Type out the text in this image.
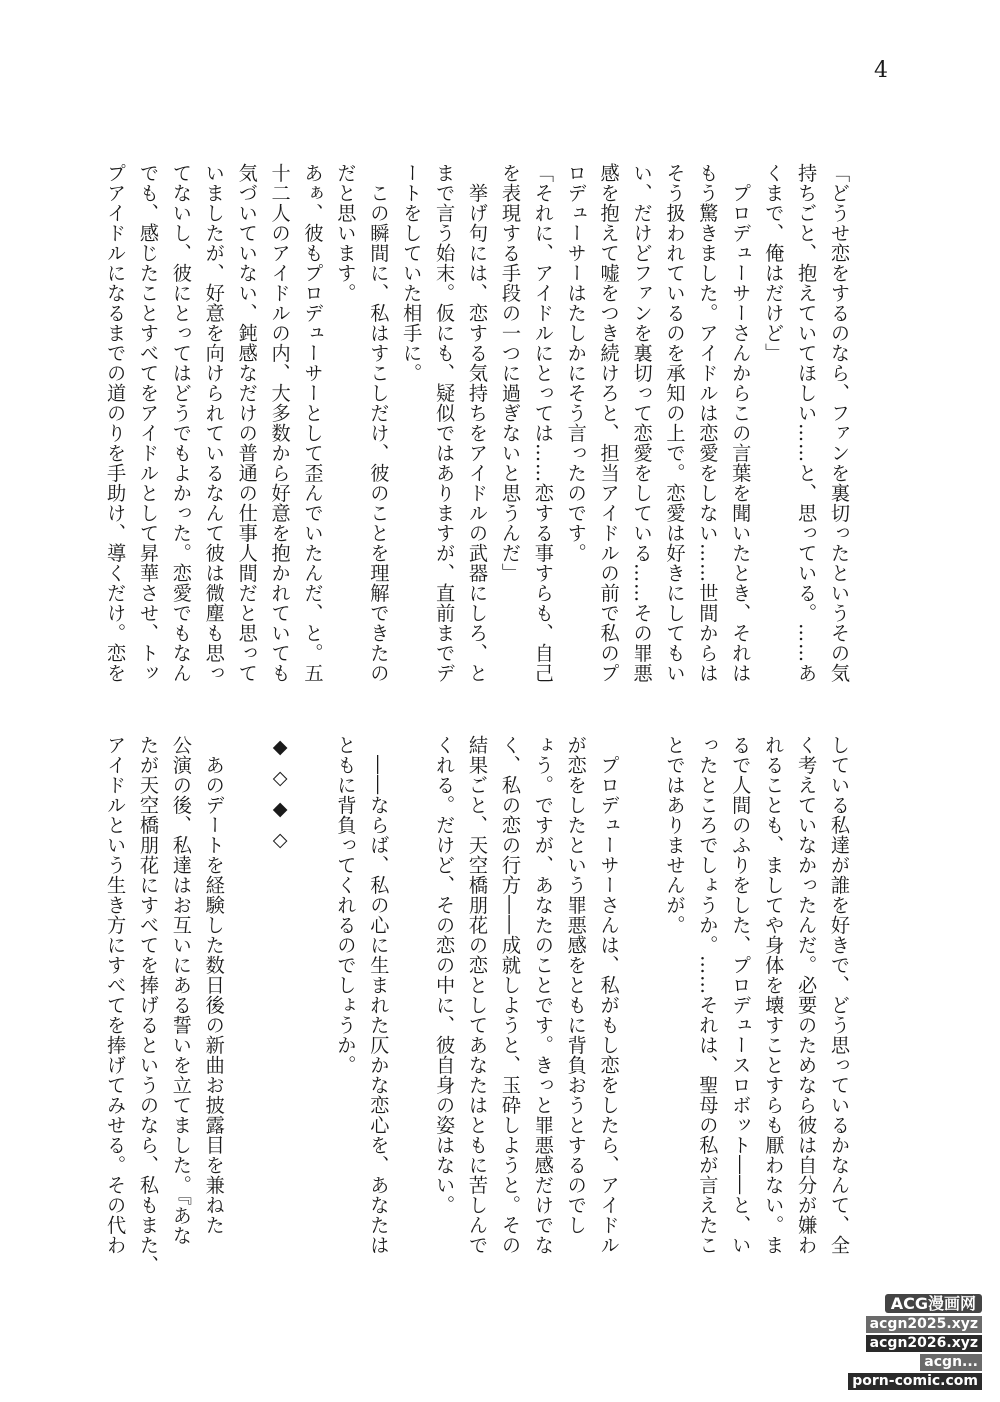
4
「どうせ恋をするのなら、ファンを裏切ったというその気
持ちごと、抱えていてほしい……と、思っている。……あ
くまで、俺はだけど」
　プロデューサーさんからこの言葉を聞いたとき、それは
もう驚きました。アイドルは恋愛をしない……世間からは
そう扱われているのを承知の上で。恋愛は好きにしてもい
い、だけどファンを裏切って恋愛をしている……その罪悪
感を抱えて嘘をつき続けろと、担当アイドルの前で私のプ
ロデューサーはたしかにそう言ったのです。
「それに、アイドルにとっては……恋する事すらも、自己
を表現する手段の一つに過ぎないと思うんだ」
　挙げ句には、恋する気持ちをアイドルの武器にしろ、と
まで言う始末。仮にも、疑似ではありますが、直前までデ
ートをしていた相手に。
　この瞬間に、私はすこしだけ、彼のことを理解できたの
だと思います。
あぁ、彼もプロデューサーとして歪んでいたんだ、と。五
十二人のアイドルの内、大多数から好意を抱かれていても
気づいていない、鈍感なだけの普通の仕事人間だと思って
いましたが、好意を向けられているなんて彼は微塵も思っ
てないし、彼にとってはどうでもよかった。恋愛でもなん
でも、感じたことすべてをアイドルとして昇華させ、トッ
プアイドルになるまでの道のりを手助け、導くだけ。恋を
している私達が誰を好きで、どう思っているかなんて、全
く考えていなかったんだ。必要のためなら彼は自分が嫌わ
れることも、ましてや身体を壊すことすらも厭わない。ま
るで人間のふりをした、プロデュースロボット――と、い
ったところでしょうか。……それは、聖母の私が言えたこ
とではありませんが。

　プロデューサーさんは、私がもし恋をしたら、アイドル
が恋をしたという罪悪感をともに背負おうとするのでし
ょう。ですが、あなたのことです。きっと罪悪感だけでな
く、私の恋の行方――成就しようと、玉砕しようと。その
結果ごと、天空橋朋花の恋としてあなたはともに苦しんで
くれる。だけど、その恋の中に、彼自身の姿はない。

　――ならば、私の心に生まれた仄かな恋心を、あなたは
ともに背負ってくれるのでしょうか。

◆◇◆◇

　あのデートを経験した数日後の新曲お披露目を兼ねた
公演の後、私達はお互いにある誓いを立てました。『あな
たが天空橋朋花にすべてを捧げるというのなら、私もまた、
アイドルという生き方にすべてを捧げてみせる。その代わ
ACG漫画网
acgn2025.xyz
acgn2026.xyz
acgn...
porn-comic.com
